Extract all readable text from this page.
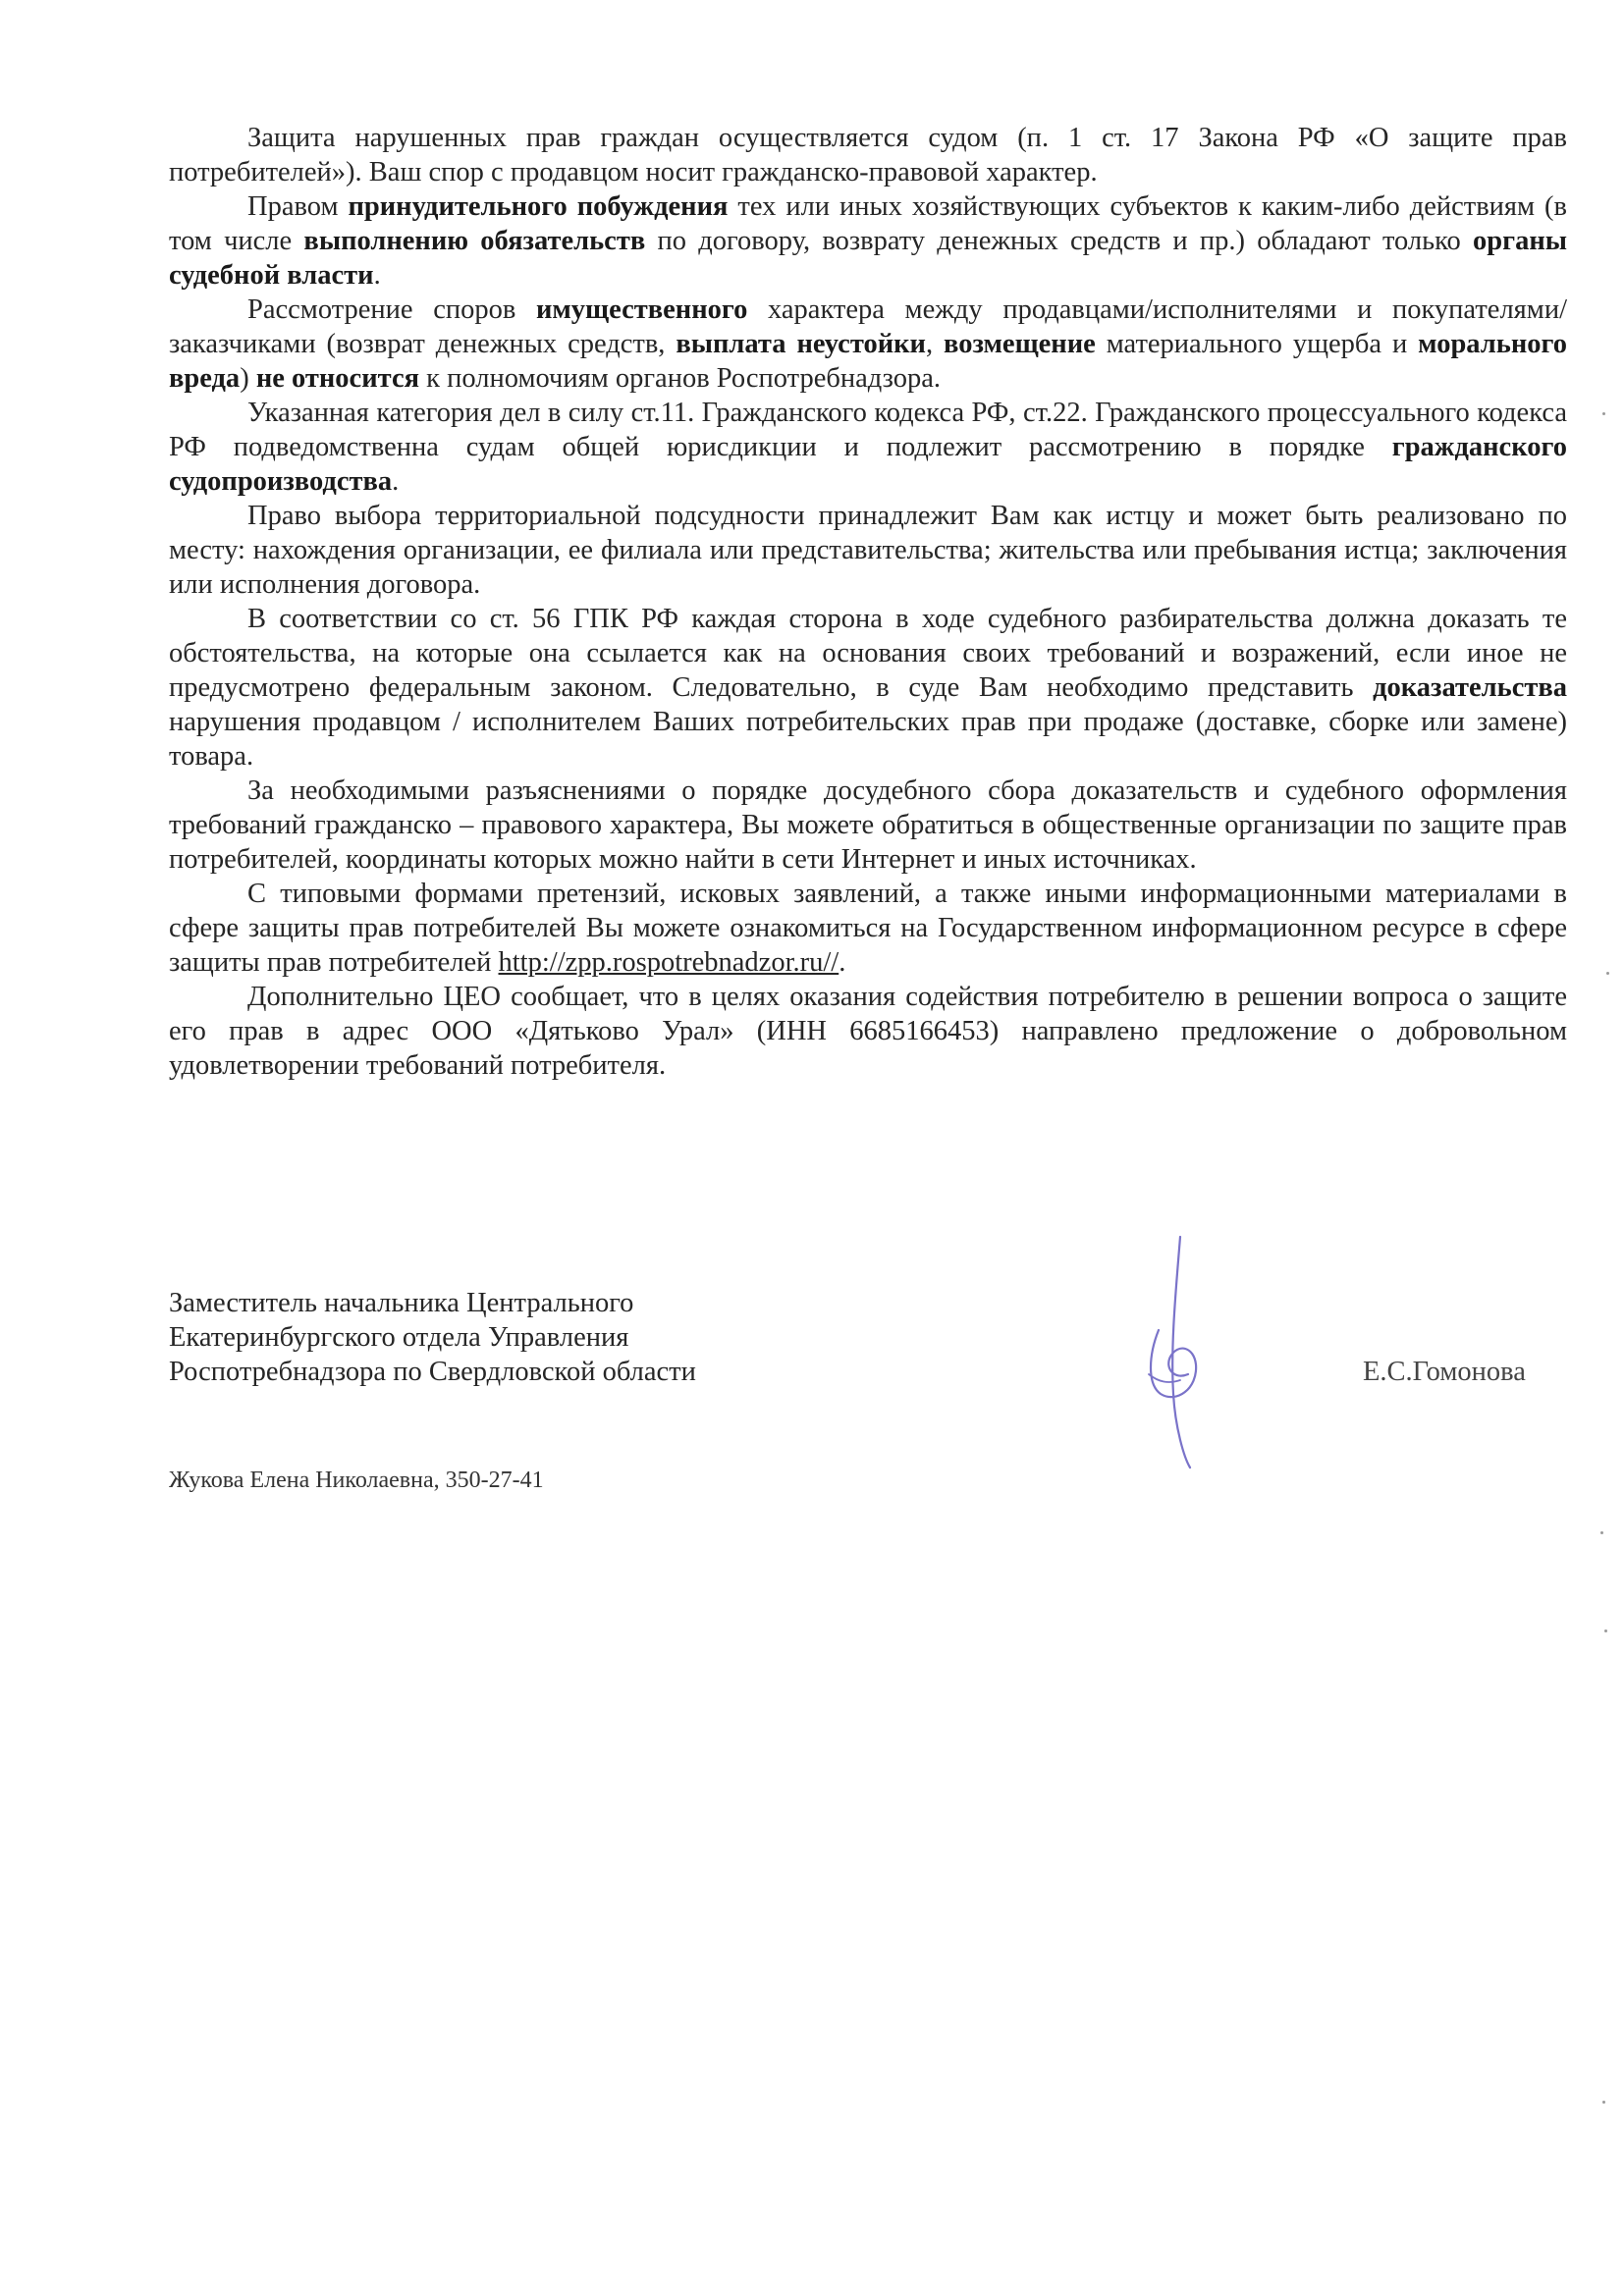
Защита нарушенных прав граждан осуществляется судом (п. 1 ст. 17 Закона РФ «О защите прав потребителей»). Ваш спор с продавцом носит гражданско-правовой характер.

Правом принудительного побуждения тех или иных хозяйствующих субъектов к каким-либо действиям (в том числе выполнению обязательств по договору, возврату денежных средств и пр.) обладают только органы судебной власти.

Рассмотрение споров имущественного характера между продавцами/исполнителями и покупателями/заказчиками (возврат денежных средств, выплата неустойки, возмещение материального ущерба и морального вреда) не относится к полномочиям органов Роспотребнадзора.

Указанная категория дел в силу ст.11. Гражданского кодекса РФ, ст.22. Гражданского процессуального кодекса РФ подведомственна судам общей юрисдикции и подлежит рассмотрению в порядке гражданского судопроизводства.

Право выбора территориальной подсудности принадлежит Вам как истцу и может быть реализовано по месту: нахождения организации, ее филиала или представительства; жительства или пребывания истца; заключения или исполнения договора.

В соответствии со ст. 56 ГПК РФ каждая сторона в ходе судебного разбирательства должна доказать те обстоятельства, на которые она ссылается как на основания своих требований и возражений, если иное не предусмотрено федеральным законом. Следовательно, в суде Вам необходимо представить доказательства нарушения продавцом / исполнителем Ваших потребительских прав при продаже (доставке, сборке или замене) товара.

За необходимыми разъяснениями о порядке досудебного сбора доказательств и судебного оформления требований гражданско – правового характера, Вы можете обратиться в общественные организации по защите прав потребителей, координаты которых можно найти в сети Интернет и иных источниках.

С типовыми формами претензий, исковых заявлений, а также иными информационными материалами в сфере защиты прав потребителей Вы можете ознакомиться на Государственном информационном ресурсе в сфере защиты прав потребителей http://zpp.rospotrebnadzor.ru//.

Дополнительно ЦЕО сообщает, что в целях оказания содействия потребителю в решении вопроса о защите его прав в адрес ООО «Дятьково Урал» (ИНН 6685166453) направлено предложение о добровольном удовлетворении требований потребителя.

Заместитель начальника Центрального
Екатеринбургского отдела Управления
Роспотребнадзора по Свердловской области	Е.С.Гомонова
Жукова Елена Николаевна, 350-27-41
